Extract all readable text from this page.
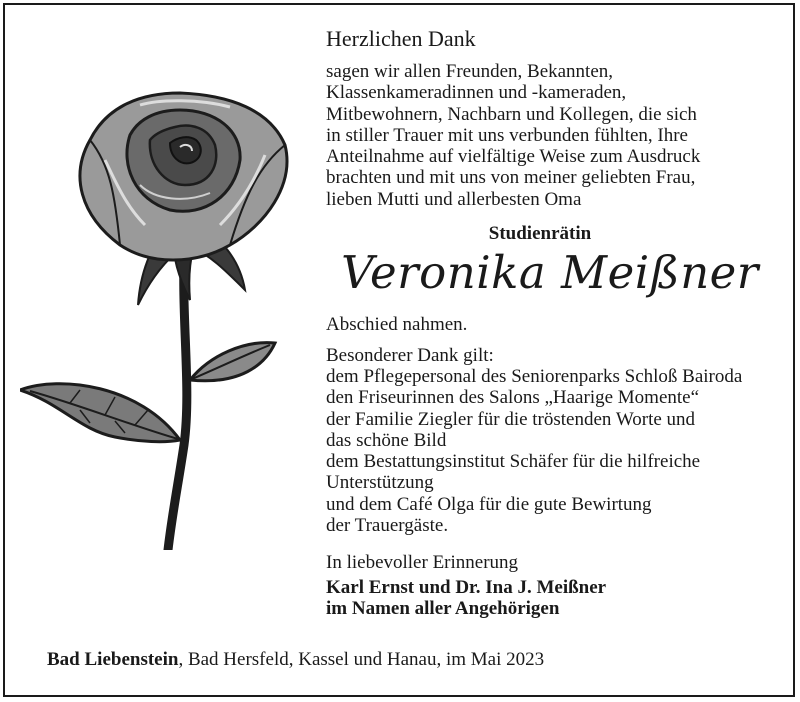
Herzlichen Dank
sagen wir allen Freunden, Bekannten,
Klassenkameradinnen und -kameraden,
Mitbewohnern, Nachbarn und Kollegen, die sich
in stiller Trauer mit uns verbunden fühlten, Ihre
Anteilnahme auf vielfältige Weise zum Ausdruck
brachten und mit uns von meiner geliebten Frau,
lieben Mutti und allerbesten Oma
Studienrätin
Veronika Meißner
Abschied nahmen.
Besonderer Dank gilt:
dem Pflegepersonal des Seniorenparks Schloß Bairoda
den Friseurinnen des Salons „Haarige Momente“
der Familie Ziegler für die tröstenden Worte und
das schöne Bild
dem Bestattungsinstitut Schäfer für die hilfreiche
Unterstützung
und dem Café Olga für die gute Bewirtung
der Trauergäste.
In liebevoller Erinnerung
Karl Ernst und Dr. Ina J. Meißner
im Namen aller Angehörigen
Bad Liebenstein, Bad Hersfeld, Kassel und Hanau, im Mai 2023
